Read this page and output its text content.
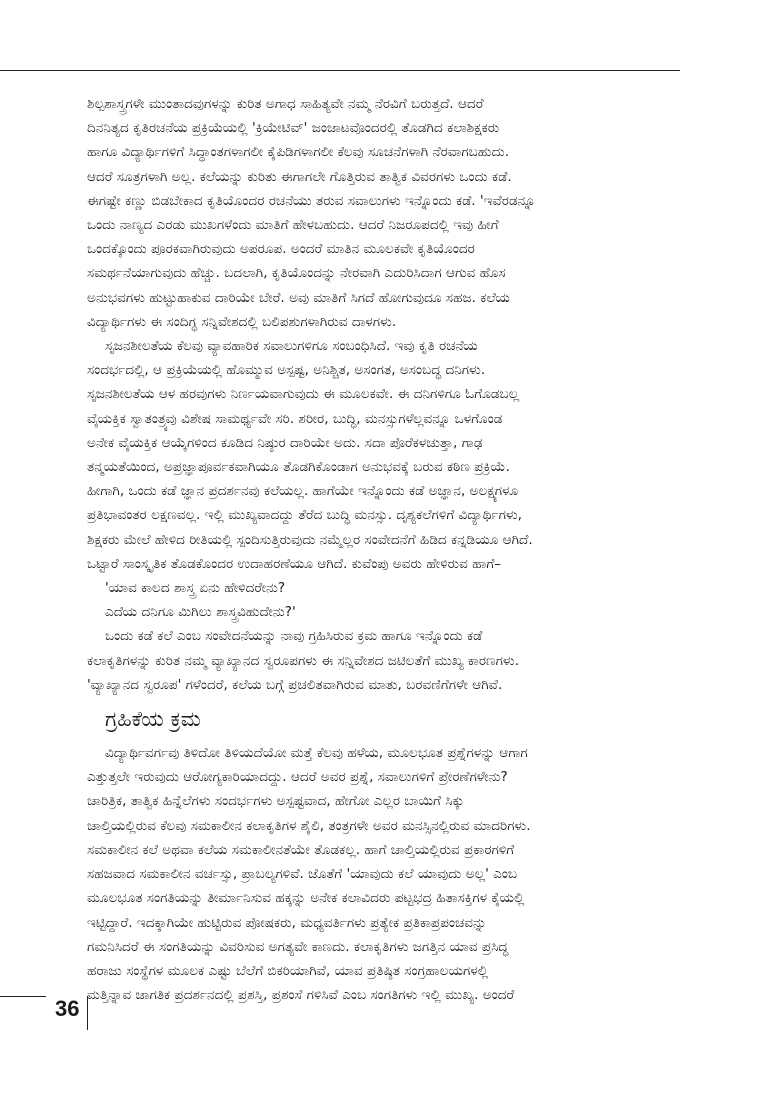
ಶಿಲ್ಪಶಾಸ್ತ್ರಗಳೇ ಮುಂತಾದವುಗಳನ್ನು ಕುರಿತ ಅಗಾಧ ಸಾಹಿತ್ಯವೇ ನಮ್ಮ ನೆರವಿಗೆ ಬರುತ್ತದೆ. ಆದರೆ

ದಿನನಿತ್ಯದ ಕೃತಿರಚನೆಯ ಪ್ರಕ್ರಿಯೆಯಲ್ಲಿ 'ಕ್ರಿಯೇಟಿವ್' ಜಂಜಾಟವೊಂದರಲ್ಲಿ ತೊಡಗಿದ ಕಲಾಶಿಕ್ಷಕರು

ಹಾಗೂ ವಿದ್ಯಾರ್ಥಿಗಳಿಗೆ ಸಿದ್ಧಾಂತಗಳಾಗಲೀ ಕೈಪಿಡಿಗಳಾಗಲೀ ಕೆಲವು ಸೂಚನೆಗಳಾಗಿ ನೆರವಾಗಬಹುದು.

ಆದರೆ ಸೂತ್ರಗಳಾಗಿ ಅಲ್ಲ. ಕಲೆಯನ್ನು ಕುರಿತು ಈಗಾಗಲೇ ಗೊತ್ತಿರುವ ತಾತ್ವಿಕ ವಿವರಗಳು ಒಂದು ಕಡೆ.

ಈಗಷ್ಟೇ ಕಣ್ಣು ಬಿಡಬೇಕಾದ ಕೃತಿಯೊಂದರ ರಚನೆಯು ತರುವ ಸವಾಲುಗಳು ಇನ್ನೊಂದು ಕಡೆ. 'ಇವೆರಡನ್ನೂ

ಒಂದು ನಾಣ್ಯದ ಎರಡು ಮುಖಗಳೆಂದು ಮಾತಿಗೆ ಹೇಳಬಹುದು. ಆದರೆ ನಿಜರೂಪದಲ್ಲಿ ಇವು ಹೀಗೆ

ಒಂದಕ್ಕೊಂದು ಪೂರಕವಾಗಿರುವುದು ಅಪರೂಪ. ಅಂದರೆ ಮಾತಿನ ಮೂಲಕವೇ ಕೃತಿಯೊಂದರ

ಸಮರ್ಥನೆಯಾಗುವುದು ಹೆಚ್ಚು. ಬದಲಾಗಿ, ಕೃತಿಯೊಂದನ್ನು ನೇರವಾಗಿ ಎದುರಿಸಿದಾಗ ಆಗುವ ಹೊಸ

ಅನುಭವಗಳು ಹುಟ್ಟುಹಾಕುವ ದಾರಿಯೇ ಬೇರೆ. ಅವು ಮಾತಿಗೆ ಸಿಗದೆ ಹೋಗುವುದೂ ಸಹಜ. ಕಲೆಯ

ವಿದ್ಯಾರ್ಥಿಗಳು ಈ ಸಂದಿಗ್ಧ ಸನ್ನಿವೇಶದಲ್ಲಿ ಬಲಿಪಶುಗಳಾಗಿರುವ ದಾಳಗಳು.

ಸೃಜನಶೀಲತೆಯ ಕೆಲವು ವ್ಯಾವಹಾರಿಕ ಸವಾಲುಗಳಿಗೂ ಸಂಬಂಧಿಸಿದೆ. ಇವು ಕೃತಿ ರಚನೆಯ

ಸಂದರ್ಭದಲ್ಲಿ, ಆ ಪ್ರಕ್ರಿಯೆಯಲ್ಲಿ ಹೊಮ್ಮುವ ಅಸ್ಪಷ್ಟ, ಅನಿಶ್ಚಿತ, ಅಸಂಗತ, ಅಸಂಬದ್ಧ ದನಿಗಳು.

ಸೃಜನಶೀಲತೆಯ ಆಳ ಹರವುಗಳು ನಿರ್ಣಯವಾಗುವುದು ಈ ಮೂಲಕವೇ. ಈ ದನಿಗಳಿಗೂ ಓಗೊಡಬಲ್ಲ

ವೈಯಕ್ತಿಕ ಸ್ವಾತಂತ್ರ್ಯವು ವಿಶೇಷ ಸಾಮರ್ಥ್ಯವೇ ಸರಿ. ಶರೀರ, ಬುದ್ಧಿ, ಮನಸ್ಸುಗಳೆಲ್ಲವನ್ನೂ ಒಳಗೊಂಡ

ಅನೇಕ ವೈಯಕ್ತಿಕ ಆಯ್ಕೆಗಳಿಂದ ಕೂಡಿದ ನಿಷ್ಠುರ ದಾರಿಯೇ ಅದು. ಸದಾ ಪೊರೆಕಳಚುತ್ತಾ, ಗಾಢ

ತನ್ಮಯತೆಯಿಂದ, ಅಪ್ರಜ್ಞಾಪೂರ್ವಕವಾಗಿಯೂ ತೊಡಗಿಕೊಂಡಾಗ ಅನುಭವಕ್ಕೆ ಬರುವ ಕಠಿಣ ಪ್ರಕ್ರಿಯೆ.

ಹೀಗಾಗಿ, ಒಂದು ಕಡೆ ಜ್ಞಾನ ಪ್ರದರ್ಶನವು ಕಲೆಯಲ್ಲ. ಹಾಗೆಯೇ ಇನ್ನೊಂದು ಕಡೆ ಅಜ್ಞಾನ, ಅಲಕ್ಷ್ಯಗಳೂ

ಪ್ರತಿಭಾವಂತರ ಲಕ್ಷಣವಲ್ಲ. ಇಲ್ಲಿ ಮುಖ್ಯವಾದದ್ದು ತೆರೆದ ಬುದ್ಧಿ ಮನಸ್ಸು. ದೃಶ್ಯಕಲೆಗಳಿಗೆ ವಿದ್ಯಾರ್ಥಿಗಳು,

ಶಿಕ್ಷಕರು ಮೇಲೆ ಹೇಳಿದ ರೀತಿಯಲ್ಲಿ ಸ್ಪಂದಿಸುತ್ತಿರುವುದು ನಮ್ಮೆಲ್ಲರ ಸಂವೇದನೆಗೆ ಹಿಡಿದ ಕನ್ನಡಿಯೂ ಆಗಿದೆ.

ಒಟ್ಟಾರೆ ಸಾಂಸ್ಕೃತಿಕ ತೊಡಕೊಂದರ ಉದಾಹರಣೆಯೂ ಆಗಿದೆ. ಕುವೆಂಪು ಅವರು ಹೇಳಿರುವ ಹಾಗೆ–

'ಯಾವ ಕಾಲದ ಶಾಸ್ತ್ರ ಏನು ಹೇಳಿದರೇನು?

ಎದೆಯ ದನಿಗೂ ಮಿಗಿಲು ಶಾಸ್ತ್ರವಿಹುದೇನು?'

ಒಂದು ಕಡೆ ಕಲೆ ಎಂಬ ಸಂವೇದನೆಯನ್ನು ನಾವು ಗ್ರಹಿಸಿರುವ ಕ್ರಮ ಹಾಗೂ ಇನ್ನೊಂದು ಕಡೆ

ಕಲಾಕೃತಿಗಳನ್ನು ಕುರಿತ ನಮ್ಮ ವ್ಯಾಖ್ಯಾನದ ಸ್ವರೂಪಗಳು ಈ ಸನ್ನಿವೇಶದ ಜಟಿಲತೆಗೆ ಮುಖ್ಯ ಕಾರಣಗಳು.

'ವ್ಯಾಖ್ಯಾನದ ಸ್ವರೂಪ' ಗಳೆಂದರೆ, ಕಲೆಯ ಬಗ್ಗೆ ಪ್ರಚಲಿತವಾಗಿರುವ ಮಾತು, ಬರವಣಿಗೆಗಳೇ ಆಗಿವೆ.

ಗ್ರಹಿಕೆಯ ಕ್ರಮ

ವಿದ್ಯಾರ್ಥಿವರ್ಗವು ತಿಳಿದೋ ತಿಳಿಯದೆಯೋ ಮತ್ತೆ ಕೆಲವು ಹಳೆಯ, ಮೂಲಭೂತ ಪ್ರಶ್ನೆಗಳನ್ನು ಆಗಾಗ

ಎತ್ತುತ್ತಲೇ ಇರುವುದು ಆರೋಗ್ಯಕಾರಿಯಾದದ್ದು. ಆದರೆ ಅವರ ಪ್ರಶ್ನೆ, ಸವಾಲುಗಳಿಗೆ ಪ್ರೇರಣೆಗಳೇನು?

ಚಾರಿತ್ರಿಕ, ತಾತ್ವಿಕ ಹಿನ್ನೆಲೆಗಳು ಸಂದರ್ಭಗಳು ಅಸ್ಪಷ್ಟವಾದ, ಹೇಗೋ ಎಲ್ಲರ ಬಾಯಿಗೆ ಸಿಕ್ಕು

ಚಾಲ್ತಿಯಲ್ಲಿರುವ ಕೆಲವು ಸಮಕಾಲೀನ ಕಲಾಕೃತಿಗಳ ಶೈಲಿ, ತಂತ್ರಗಳೇ ಅವರ ಮನಸ್ಸಿನಲ್ಲಿರುವ ಮಾದರಿಗಳು.

ಸಮಕಾಲೀನ ಕಲೆ ಅಥವಾ ಕಲೆಯ ಸಮಕಾಲೀನತೆಯೇ ತೊಡಕಲ್ಲ. ಹಾಗೆ ಚಾಲ್ತಿಯಲ್ಲಿರುವ ಪ್ರಕಾರಗಳಿಗೆ

ಸಹಜವಾದ ಸಮಕಾಲೀನ ವರ್ಚಸ್ಸು, ಪ್ರಾಬಲ್ಯಗಳಿವೆ. ಜೊತೆಗೆ 'ಯಾವುದು ಕಲೆ ಯಾವುದು ಅಲ್ಲ' ಎಂಬ

ಮೂಲಭೂತ ಸಂಗತಿಯನ್ನು ತೀರ್ಮಾನಿಸುವ ಹಕ್ಕನ್ನು ಅನೇಕ ಕಲಾವಿದರು ಪಟ್ಟಭದ್ರ ಹಿತಾಸಕ್ತಿಗಳ ಕೈಯಲ್ಲಿ

ಇಟ್ಟಿದ್ದಾರೆ. ಇದಕ್ಕಾಗಿಯೇ ಹುಟ್ಟಿರುವ ಪೋಷಕರು, ಮಧ್ಯವರ್ತಿಗಳು ಪ್ರತ್ಯೇಕ ಪ್ರತಿಕಾಪ್ರಪಂಚವನ್ನು

ಗಮನಿಸಿದರೆ ಈ ಸಂಗತಿಯನ್ನು ವಿವರಿಸುವ ಅಗತ್ಯವೇ ಕಾಣದು. ಕಲಾಕೃತಿಗಳು ಜಗತ್ತಿನ ಯಾವ ಪ್ರಸಿದ್ಧ

ಹರಾಜು ಸಂಸ್ಥೆಗಳ ಮೂಲಕ ಎಷ್ಟು ಬೆಲೆಗೆ ಬಿಕರಿಯಾಗಿವೆ, ಯಾವ ಪ್ರತಿಷ್ಠಿತ ಸಂಗ್ರಹಾಲಯಗಳಲ್ಲಿ

ಮತ್ತಿನ್ನಾವ ಜಾಗತಿಕ ಪ್ರದರ್ಶನದಲ್ಲಿ ಪ್ರಶಸ್ತಿ, ಪ್ರಶಂಸೆ ಗಳಿಸಿವೆ ಎಂಬ ಸಂಗತಿಗಳು ಇಲ್ಲಿ ಮುಖ್ಯ. ಅಂದರೆ

36
